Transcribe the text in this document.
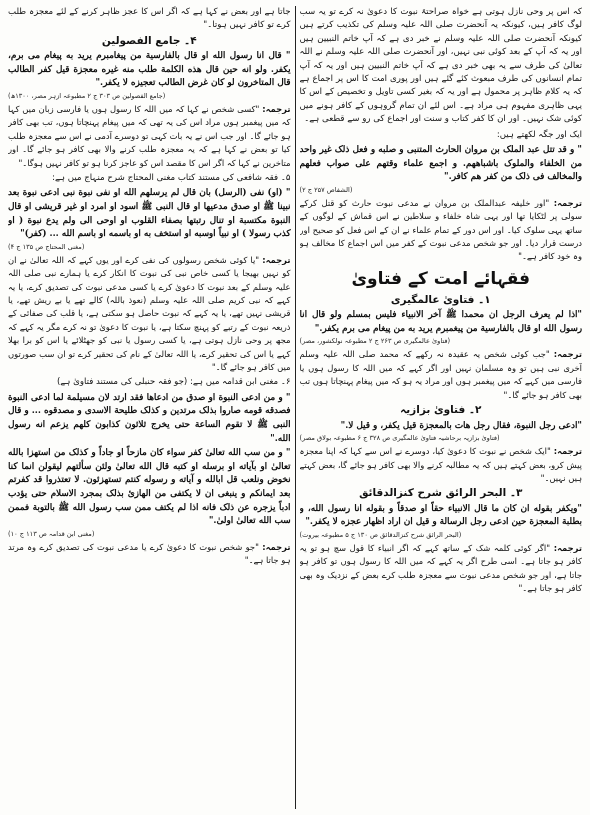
جاتا ہے اور بعض نے کہا ہے کہ اگر اس کا عجز ظاہر کرنے کے لئے معجزہ طلب کرے تو کافر نہیں ہوتا۔"

۴۔ جامع الفصولین

" قال انا رسول الله او قال بالفارسیة من پیغامبرم یرید به پیغام می برم، یکفر. ولو انه حین قال هذه الکلمة طلب منه غیره معجزة قیل کفر الطالب قال المتاخرون لو کان غرض الطالب تعجیزه لا یکفر."

(جامع الفصولین ص ۳۰۳ ج ۲ مطبوعہ ازہر مصر، ۱۳۰۰ھ)

ترجمہ: "کسی شخص نے کہا کہ میں اللہ کا رسول ہوں یا فارسی زبان میں کہا کہ میں پیغمبر ہوں مراد اس کی یہ تھی کہ میں پیغام پہنچاتا ہوں، تب بھی کافر ہو جائے گا۔ اور جب اس نے یہ بات کہی تو دوسرے آدمی نے اس سے معجزہ طلب کیا تو بعض نے کہا ہے کہ یہ معجزہ طلب کرنے والا بھی کافر ہو جائے گا۔ اور متاخرین نے کہا کہ اگر اس کا مقصد اس کو عاجز کرنا ہو تو کافر نہیں ہوگا۔"

۵۔ فقہ شافعی کی مستند کتاب مغنی المحتاج شرح منہاج میں ہے:

" (او) نفی (الرسل) بان قال لم یرسلهم الله او نفی نبوة نبی ادعی نبوة بعد نبینا ﷺ او صدق مدعیها او قال النبی ﷺ اسود او امرد او غیر قریشی او قال النبوة مکتسبة او تنال رتبتها بصفاء القلوب او اوحی الی ولم یدع نبوة ( او کذب رسولا ) او نبیاً اوسبه او استخف به او باسمه او باسم الله ... (کفر)"

(مغنی المحتاج ص ۱۳۵ ج ۴)

ترجمہ: "یا کوئی شخص رسولوں کی نفی کرے اور یوں کہے کہ اللہ تعالیٰ نے ان کو نہیں بھیجا یا کسی خاص نبی کی نبوت کا انکار کرے یا ہمارے نبی صلی اللہ علیہ وسلم کے بعد نبوت کا دعویٰ کرے یا کسی مدعی نبوت کی تصدیق کرے، یا یہ کہے کہ نبی کریم صلی اللہ علیہ وسلم (نعوذ باللہ) کالے تھے یا بے ریش تھے، یا قریشی نہیں تھے، یا یہ کہے کہ نبوت حاصل ہو سکتی ہے، یا قلب کی صفائی کے ذریعہ نبوت کے رتبے کو پہنچ سکتا ہے، یا نبوت کا دعویٰ تو نہ کرے مگر یہ کہے کہ مجھ پر وحی نازل ہوتی ہے، یا کسی رسول یا نبی کو جھٹلائے یا اس کو برا بھلا کہے یا اس کی تحقیر کرے، یا اللہ تعالیٰ کے نام کی تحقیر کرے تو ان سب صورتوں میں کافر ہو جائے گا۔"

۶۔ مغنی ابن قدامہ میں ہے: (جو فقہ حنبلی کی مستند فتاویٰ ہے)

" و من ادعی النبوة او صدق من ادعاها فقد ارتد لان مسیلمة لما ادعی النبوة فصدقه قومه صاروا بذلک مرتدین و کذلک طلیحة الاسدی و مصدقوه ... و قال النبی ﷺ لا تقوم الساعة حتی یخرج ثلاثون کذابون کلهم یزعم انه رسول الله."

" و من سب الله تعالیٰ کفر سواء کان مازحاً او جاداً و کذلک من استهزا بالله تعالیٰ او بآیاته او برسله او کتبه قال الله تعالیٰ ولئن سألتهم لیقولن انما کنا نخوض ونلعب قل ابالله و آیاته و رسوله کنتم تستهزئون. لا تعتذروا قد کفرتم بعد ایمانکم و ینبغی ان لا یکتفی من الهازئ بذلک بمجرد الاسلام حتی یؤدب ادباً یزجره عن ذلک فانه اذا لم یکتف ممن سب رسول الله ﷺ بالتوبة فممن سب الله تعالیٰ اولیٰ."

(مغنی ابن قدامہ ص ۱۱۳ ج ۱۰)

ترجمہ: "جو شخص نبوت کا دعویٰ کرے یا مدعی نبوت کی تصدیق کرے وہ مرتد ہو جاتا ہے۔"

کہ اس پر وحی نازل ہوتی ہے خواہ صراحتہً نبوت کا دعویٰ نہ کرے تو یہ سب لوگ کافر ہیں، کیونکہ یہ آنحضرت صلی اللہ علیہ وسلم کی تکذیب کرتے ہیں کیونکہ آنحضرت صلی اللہ علیہ وسلم نے خبر دی ہے کہ آپ خاتم النبیین ہیں اور یہ کہ آپ کے بعد کوئی نبی نہیں، اور آنحضرت صلی اللہ علیہ وسلم نے اللہ تعالیٰ کی طرف سے یہ بھی خبر دی ہے کہ آپ خاتم النبیین ہیں اور یہ کہ آپ تمام انسانوں کی طرف مبعوث کئے گئے ہیں اور پوری امت کا اس پر اجماع ہے کہ یہ کلام ظاہر پر محمول ہے اور یہ کہ بغیر کسی تاویل و تخصیص کے اس کا یہی ظاہری مفہوم ہی مراد ہے۔ اس لئے ان تمام گروہوں کے کافر ہونے میں کوئی شک نہیں۔ اور ان کا کفر کتاب و سنت اور اجماع کی رو سے قطعی ہے۔

ایک اور جگہ لکھتے ہیں:

" و قد تتل عبد الملک بن مروان الحارث المتنبی و صلبه و فعل ذلک غیر واحد من الخلفاء والملوک باشباههم. و اجمع علماء وقتهم علی صواب فعلهم والمخالف فی ذلک من کفر هم کافر."

(الشفاص ۲۵۷ ج ۲)

ترجمہ: "اور خلیفہ عبدالملک بن مروان نے مدعی نبوت حارث کو قتل کرکے سولی پر لٹکایا تھا اور یہی شاہ خلفاء و سلاطین نے اس قماش کے لوگوں کے ساتھ یہی سلوک کیا۔ اور اس دور کے تمام علماء نے ان کے اس فعل کو صحیح اور درست قرار دیا۔ اور جو شخص مدعی نبوت کے کفر میں اس اجماع کا مخالف ہو وہ خود کافر ہے۔"

فقہائے امت کے فتاویٰ

۱۔ فتاویٰ عالمگیری

"اذا لم یعرف الرجل ان محمدا ﷺ آخر الانبیاء فلیس بمسلم ولو قال انا رسول الله او قال بالفارسیة من پیغمبرم یرید به من پیغام می برم یکفر."

(فتاویٰ عالمگیری ص ۲۶۳ ج ۲ مطبوعہ نولکشور، مصر)

ترجمہ: "جب کوئی شخص یہ عقیدہ نہ رکھے کہ محمد صلی اللہ علیہ وسلم آخری نبی ہیں تو وہ مسلمان نہیں اور اگر کہے کہ میں اللہ کا رسول ہوں یا فارسی میں کہے کہ میں پیغمبر ہوں اور مراد یہ ہو کہ میں پیغام پہنچاتا ہوں تب بھی کافر ہو جائے گا۔"

۲۔ فتاویٰ بزازیہ

"ادعی رجل النبوة، فقال رجل هات بالمعجزة قیل یکفر، و قیل لا."

(فتاویٰ بزازیہ برحاشیہ فتاویٰ عالمگیری ص ۳۲۸ ج ۶ مطبوعہ بولاق مصر)

ترجمہ: "ایک شخص نے نبوت کا دعویٰ کیا، دوسرے نے اس سے کہا کہ اپنا معجزہ پیش کرو، بعض کہتے ہیں کہ یہ مطالبہ کرنے والا بھی کافر ہو جائے گا، بعض کہتے ہیں نہیں۔"

۳۔ البحر الرائق شرح کنزالدقائق

"ویکفر بقوله ان کان ما قال الانبیاء حقاً او صدقاً و بقوله انا رسول الله، و بطلبة المعجزة حین ادعی رجل الرسالة و قیل ان اراد اظهار عجزه لا یکفر."

(البحر الرائق شرح کنزالدقائق ص ۱۳۰ ج ۵ مطبوعہ بیروت)

ترجمہ: "اگر کوئی کلمہ شک کے ساتھ کہے کہ اگر انبیاء کا قول سچ ہو تو یہ کافر ہو جاتا ہے۔ اسی طرح اگر یہ کہے کہ میں اللہ کا رسول ہوں تو کافر ہو جاتا ہے، اور جو شخص مدعی نبوت سے معجزہ طلب کرے بعض کے نزدیک وہ بھی کافر ہو جاتا ہے۔"
